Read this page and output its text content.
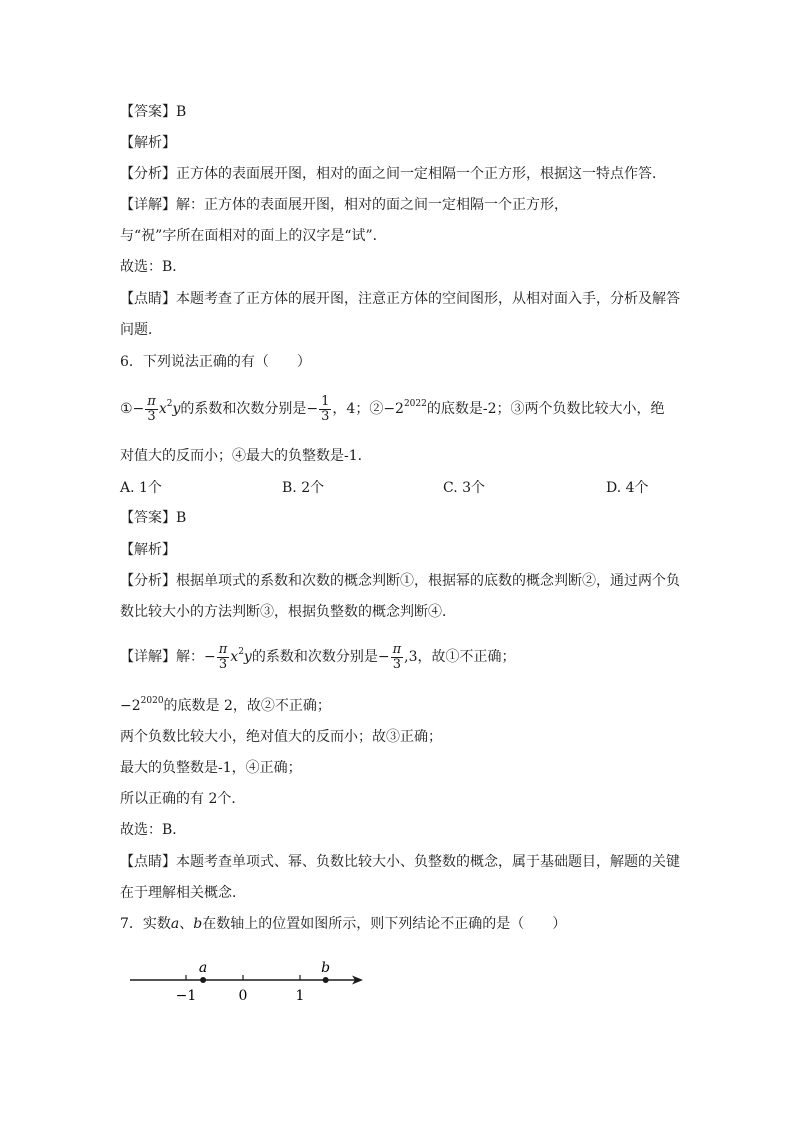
【答案】B
【解析】
【分析】正方体的表面展开图，相对的面之间一定相隔一个正方形，根据这一特点作答．
【详解】解：正方体的表面展开图，相对的面之间一定相隔一个正方形，
与“祝”字所在面相对的面上的汉字是“试”．
故选：B．
【点睛】本题考查了正方体的展开图，注意正方体的空间图形，从相对面入手，分析及解答
问题．
6．下列说法正确的有（　　）
①− $\frac{\pi}{3} x^2y$的系数和次数分别是− $\frac{1}{3}$ ，4；$②-2^{2022}$的底数是-2；③两个负数比较大小，绝
对值大的反而小；④最大的负整数是-1．
A. 1个	B. 2个	C. 3个	D. 4个
【答案】B
【解析】
【分析】根据单项式的系数和次数的概念判断①，根据幂的底数的概念判断②，通过两个负
数比较大小的方法判断③，根据负整数的概念判断④．
【详解】解：− $\frac{\pi}{3} x^2y$的系数和次数分别是− $\frac{\pi}{3} ,3$，故①不正确；
$-2^{2020}$的底数是 2，故②不正确；
两个负数比较大小，绝对值大的反而小；故③正确；
最大的负整数是-1，④正确；
所以正确的有 2个．
故选：B．
【点睛】本题考查单项式、幂、负数比较大小、负整数的概念，属于基础题目，解题的关键
在于理解相关概念．
7．实数a、b在数轴上的位置如图所示，则下列结论不正确的是（　　）
−1	0	1
a	b
